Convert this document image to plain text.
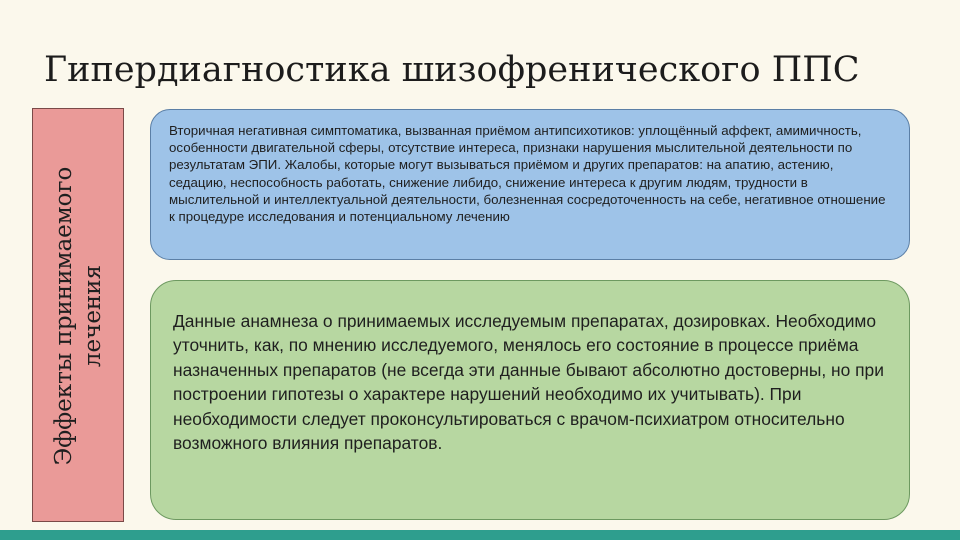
Гипердиагностика шизофренического ППС
Эффекты принимаемого лечения

Вторичная негативная симптоматика, вызванная приёмом антипсихотиков: уплощённый аффект, амимичность, особенности двигательной сферы, отсутствие интереса, признаки нарушения мыслительной деятельности по результатам ЭПИ. Жалобы, которые могут вызываться приёмом и других препаратов: на апатию, астению, седацию, неспособность работать, снижение либидо, снижение интереса к другим людям, трудности в мыслительной и интеллектуальной деятельности, болезненная сосредоточенность на себе, негативное отношение к процедуре исследования и потенциальному лечению

Данные анамнеза о принимаемых исследуемым препаратах, дозировках. Необходимо уточнить, как, по мнению исследуемого, менялось его состояние в процессе приёма назначенных препаратов (не всегда эти данные бывают абсолютно достоверны, но при построении гипотезы о характере нарушений необходимо их учитывать). При необходимости следует проконсультироваться с врачом-психиатром относительно возможного влияния препаратов.
